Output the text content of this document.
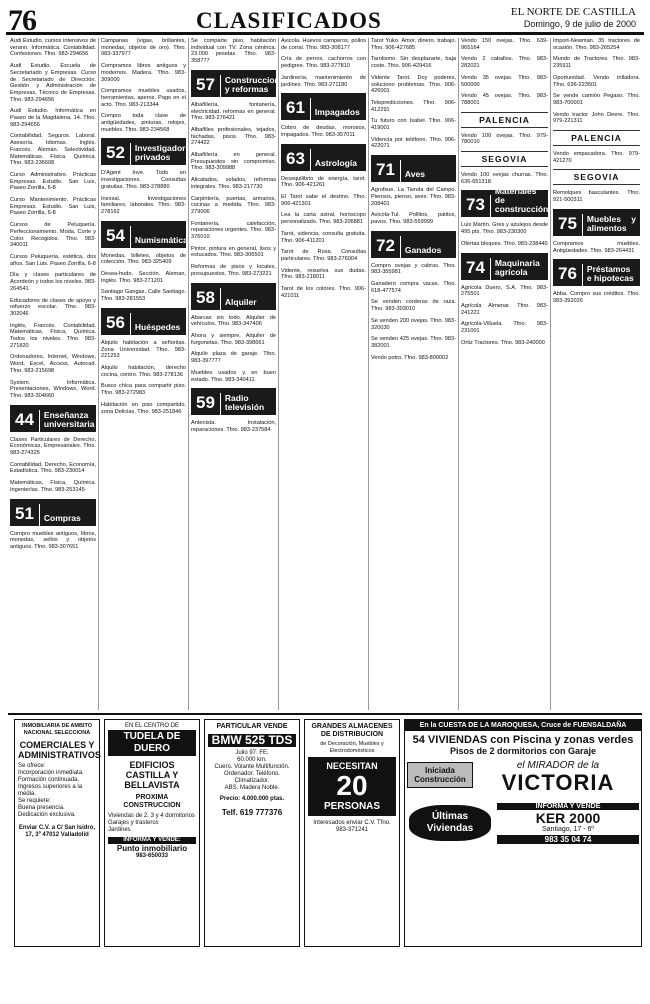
76	CLASIFICADOS	EL NORTE DE CASTILLA
Domingo, 9 de julio de 2000
Audi Estudio, cursos intensivos de verano. Informática. Contabilidad. Confesiones. Tfno. 983-294656
Audi Estudio. Escuela de Secretariado y Empresas. Curso de Secretariado de Dirección. Gestión y Administración de Empresas, Técnico de Empresas. Tfno. 983-294656
Audi Estudio. Informática en Paseo de la Magdalena, 14. Tfno. 983-294656
Contabilidad. Seguros. Laboral. Asesoría. Idiomas. Inglés. Francés. Alemán. Selectividad. Matemáticas. Física. Química. Tfno. 983-236608
Curso Administrativo. Prácticas Empresas. Estudio. San Luis, Paseo Zorrilla, 6-8
Curso Mantenimiento. Prácticas Empresas. Estudio. San Luis, Paseo Zorrilla, 6-8
Cursos de Peluquería. Perfeccionamiento. Moda. Corte y Color. Recogidos. Tfno. 983-340011
Cursos Peluquería, estética, dos años. San Luis. Paseo Zorrilla, 6-8
Día y clases particulares de Acordeón y todos los niveles. 983-264541
Educadores de clases de apoyo y refuerzo escolar. Tfno. 983-302046
Inglés, Francés. Contabilidad. Matemáticas, Física, Química. Todos los niveles. Tfno. 983-271820
Ordenadores, Internet, Windows, Word, Excel, Access, Autocad. Tfno. 983-215698
System. Informática. Presentaciones, Windows, Word. Tfno. 983-304660
44	Enseñanza universitaria
Clases Particulares de Derecho, Económicas, Empresariales. Tfno. 983-274325
Contabilidad, Derecho, Economía, Estadística. Tfno. 983-230014
Matemáticas, Física, Química. Ingenierías. Tfno. 983-253145
51	Compras
Compro muebles antiguos, libros, monedas, sellos y objetos antiguos. Tfno. 983-307651
Campanas (vigas, brillantes, monedas, objetos de oro). Tfno. 983-337977
Compramos libros antiguos y modernos. Madera. Tfno. 983-309000
Compramos muebles usados, herramientas, aperos. Pago en el acto. Tfno. 983-213344
Compro toda clase de antigüedades, pinturas, relojes, muebles. Tfno. 983-234568
52	Investigadores privados
D'Agent Inve. Todo en investigaciones. Consultas gratuitas. Tfno. 983-278880
Inexsal. Investigaciones familiares, laborales. Tfno. 983-278162
54	Numismática
Monedas, billetes, objetos de colección. Tfno. 983-325409
Desea-hudo. Sección. Aleman, Inglés. Tfno. 983-271201
Santiago Gangas. Calle Santiago. Tfno. 983-281553
56	Huéspedes
Alquilo habitación a señoritas. Zona Universidad. Tfno. 983-221253
Alquilo habitación, derecho cocina, centro. Tfno. 983-278136
Busco chica para compartir piso. Tfno. 983-272983
Habitación en piso compartido, zona Delicias. Tfno. 983-251846
Se comparte piso, habitación individual con TV. Zona céntrica. 23.000 pesetas. Tfno. 983-358777
57	Construcciones y reformas
Albañilería, fontanería, electricidad, reformas en general. Tfno. 983-276421
Albañiles profesionales, tejados, fachadas, pisos. Tfno. 983-274422
Albañilería en general. Presupuestos sin compromiso. Tfno. 983-309988
Alicatados, solados, reformas integrales. Tfno. 983-217730
Carpintería, puertas, armarios, cocinas a medida. Tfno. 983-279006
Fontanería, calefacción, reparaciones urgentes. Tfno. 983-376010
Pintor, pintura en general, lisos y estucados. Tfno. 983-306501
Reformas de pisos y locales, presupuestos. Tfno. 983-273221
58	Alquiler
Abarcas sin todo. Alquiler de vehículos. Tfno. 983-347406
Ahora y siempre. Alquiler de furgonetas. Tfno. 983-398661
Alquilo plaza de garaje. Tfno. 983-397777
Muebles usados y en buen estado. Tfno. 983-340411
59	Radio televisión
Antenista. Instalación, reparaciones. Tfno. 983-237584
Avicola. Huevos camperos, pollos de corral. Tfno. 983-308177
Cría de perros, cachorros con pedigree. Tfno. 983-277810
Jardinería, mantenimiento de jardines. Tfno. 983-271180
61	Impagados
Cobro de deudas, morosos, impagados. Tfno. 983-357011
63	Astrología
Desequilibrio de energía, tarot. Tfno. 906-421261
El Tarot sabe el destino. Tfno. 906-421301
Lea la carta astral, horóscopo personalizado. Tfno. 983-206881
Tarot, videncia, consulta gratuita. Tfno. 906-411201
Tarot de Rosa. Consultas particulares. Tfno. 983-276004
Vidente, resuelva sus dudas. Tfno. 983-218011
Tarot de los colores. Tfno. 906-421011
Tarot Yuko. Amor, dinero, trabajo. Tfno. 906-427685
Tarotismo. Sin desplazarte, baja coste. Tfno. 906-429416
Vidente Tarot. Doy poderes, soluciono problemas. Tfno. 906-426001
Telepredicciones. Tfno. 906-412291
Tu futuro con Isabel. Tfno. 906-419001
Videncia por teléfono. Tfno. 906-422071
71	Aves
Agrofsue. La Tienda del Campo. Piensos, pienso, aves. Tfno. 983-208401
Avicola-Tul. Pollitos, patitos, pavos. Tfno. 983-559999
72	Ganados
Compro ovejas y cabras. Tfno. 983-355981
Ganadero compra vacas. Tfno. 618-477574
Se venden corderas de raza. Tfno. 983-303010
Se venden 200 ovejas. Tfno. 983-320030
Se venden 425 ovejas. Tfno. 983-382001
Vendo potro. Tfno. 983-800002
Vendo 150 ovejas. Tfno. 639-965164
Vendo 2 caballos. Tfno. 983-282021
Vendo 35 ovejas. Tfno. 983-500000
Vendo 45 ovejas. Tfno. 983-788001
PALENCIA
Vendo 100 ovejas. Tfno. 979-780010
SEGOVIA
Vendo 100 ovejas churras. Tfno. 636-651318
73
Materiales de construcción
Luis Martín. Gres y azulejos desde 495 pts. Tfno. 983-230300
Ofertas bloques. Tfno. 983-238440
74	Maquinaria agrícola
Agrícola Duero, S.A. Tfno. 983-275501
Agrícola Almenar. Tfno. 983-241221
Agrícola-Villuela. Tfno. 983-231001
Ortiz Tractores. Tfno. 983-240000
Import-Newman. 35 tractores de ocasión. Tfno. 983-265254
Mundo de Tractores. Tfno. 983-235911
Oportunidad. Vendo trilladora. Tfno. 636-223501
Se vende camión Pegaso. Tfno. 983-700001
Vendo tractor John Deere. Tfno. 979-221311
PALENCIA
Vendo empacadora. Tfno. 979-421270
SEGOVIA
Remolques basculantes. Tfno. 921-500311
75	Muebles y alimentos
Compramos muebles. Antigüedades. Tfno. 983-264431
76	Préstamos e hipotecas
Abba. Compro sus créditos. Tfno. 983-392026
INMOBILIARIA DE AMBITO NACIONAL SELECCIONA
COMERCIALES Y ADMINISTRATIVOS
Se ofrece:
Incorporación inmediata.
Formación continuada.
Ingresos superiores a la media.
Se requiere:
Buena presencia.
Dedicación exclusiva.
Enviar C.V. a C/ San Isidro, 17, 3º 47012 Valladolid
EN EL CENTRO DE
TUDELA DE DUERO
EDIFICIOS CASTILLA Y BELLAVISTA
PROXIMA CONSTRUCCION
Viviendas de 2, 3 y 4 dormitorios
Garajes y trasteros
Jardines
INFORMA Y VENDE:
Punto inmobiliario
983-650033
PARTICULAR VENDE
BMW 525 TDS
Julio 97. FE.
60.000 km.
Cuero. Volante Multifunción.
Ordenador. Teléfono.
Climatizador.
ABS. Madera Noble.
Precio: 4.000.000 ptas.
Telf. 619 777376
GRANDES ALMACENES DE DISTRIBUCION
de Decoración, Muebles y Electrodomésticos
NECESITAN
20
PERSONAS
Interesados enviar C.V. Tfno. 983-371241
En la CUESTA DE LA MAROQUESA, Cruce de FUENSALDAÑA
54 VIVIENDAS con Piscina y zonas verdes
Pisos de 2 dormitorios con Garaje
Iniciada Construcción
el MIRADOR de la
VICTORIA
Últimas Viviendas
INFORMA Y VENDE
KER 2000
Santiago, 17 - 6º
983 35 04 74
